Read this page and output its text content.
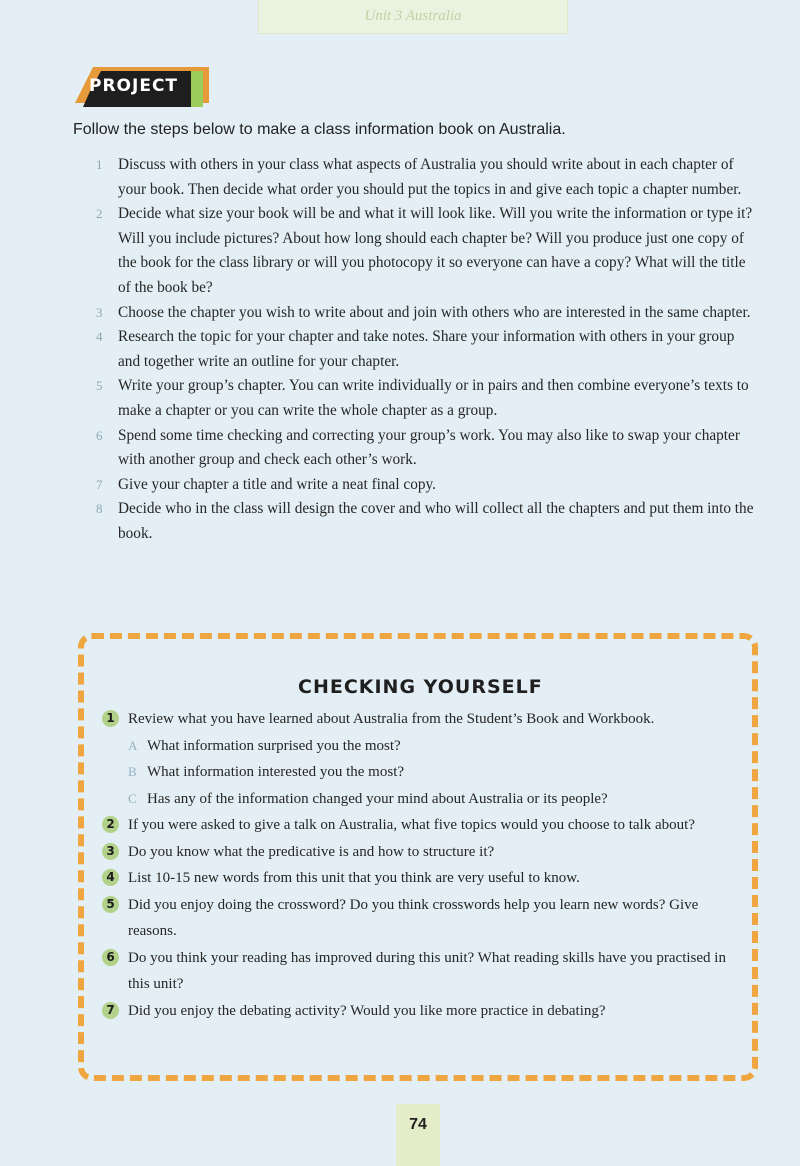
Unit 3 Australia
PROJECT
Follow the steps below to make a class information book on Australia.
1	Discuss with others in your class what aspects of Australia you should write about in each chapter of your book. Then decide what order you should put the topics in and give each topic a chapter number.
2	Decide what size your book will be and what it will look like. Will you write the information or type it? Will you include pictures? About how long should each chapter be? Will you produce just one copy of the book for the class library or will you photocopy it so everyone can have a copy? What will the title of the book be?
3	Choose the chapter you wish to write about and join with others who are interested in the same chapter.
4	Research the topic for your chapter and take notes. Share your information with others in your group and together write an outline for your chapter.
5	Write your group’s chapter. You can write individually or in pairs and then combine everyone’s texts to make a chapter or you can write the whole chapter as a group.
6	Spend some time checking and correcting your group’s work. You may also like to swap your chapter with another group and check each other’s work.
7	Give your chapter a title and write a neat final copy.
8	Decide who in the class will design the cover and who will collect all the chapters and put them into the book.
CHECKING YOURSELF
1 Review what you have learned about Australia from the Student’s Book and Workbook.
A What information surprised you the most?
B What information interested you the most?
C Has any of the information changed your mind about Australia or its people?
2 If you were asked to give a talk on Australia, what five topics would you choose to talk about?
3 Do you know what the predicative is and how to structure it?
4 List 10-15 new words from this unit that you think are very useful to know.
5 Did you enjoy doing the crossword? Do you think crosswords help you learn new words? Give reasons.
6 Do you think your reading has improved during this unit? What reading skills have you practised in this unit?
7 Did you enjoy the debating activity? Would you like more practice in debating?
74
